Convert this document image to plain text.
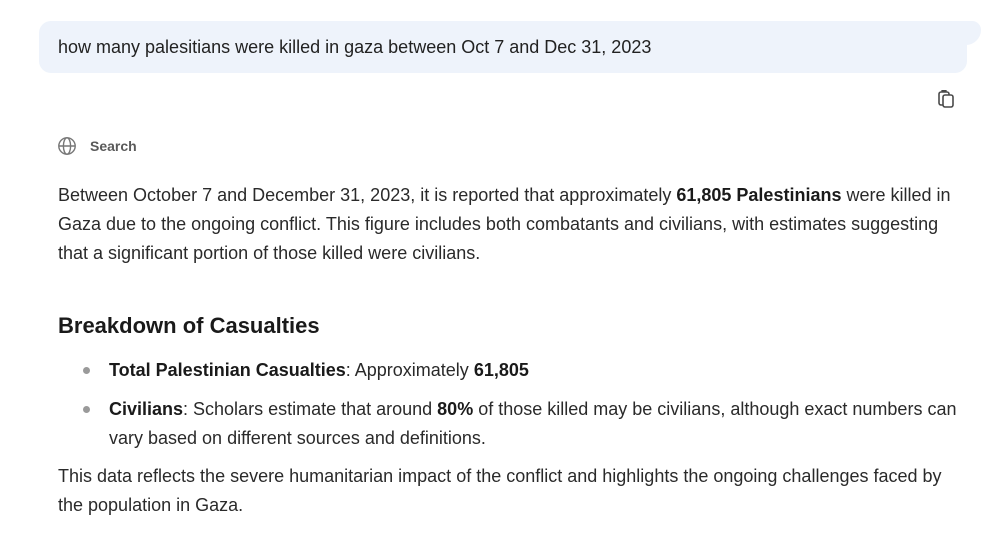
how many palesitians were killed in gaza between Oct 7 and Dec 31, 2023
Search

Between October 7 and December 31, 2023, it is reported that approximately 61,805 Palestinians were killed in Gaza due to the ongoing conflict. This figure includes both combatants and civilians, with estimates suggesting that a significant portion of those killed were civilians.

Breakdown of Casualties
Total Palestinian Casualties: Approximately 61,805
Civilians: Scholars estimate that around 80% of those killed may be civilians, although exact numbers can vary based on different sources and definitions.

This data reflects the severe humanitarian impact of the conflict and highlights the ongoing challenges faced by the population in Gaza.
